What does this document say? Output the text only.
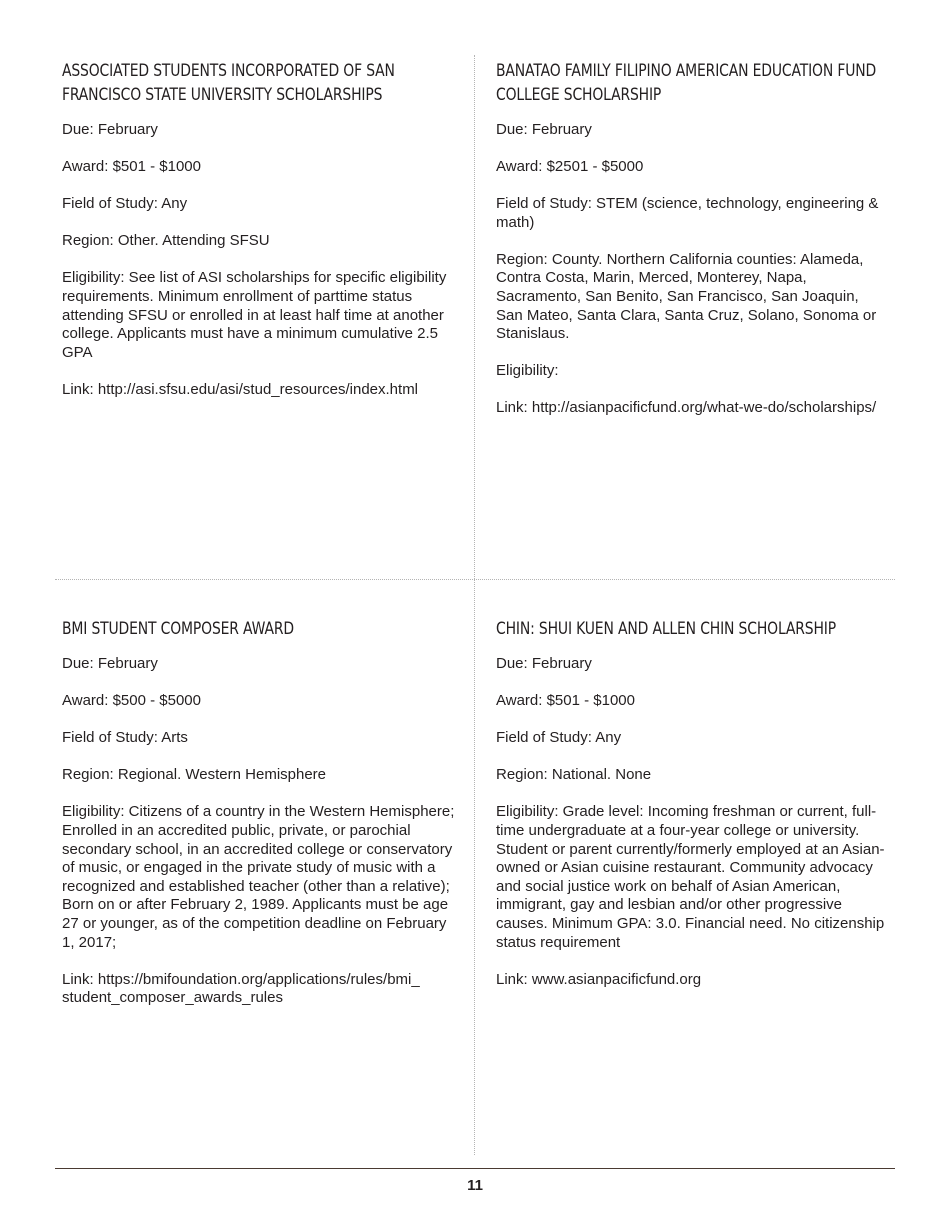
ASSOCIATED STUDENTS INCORPORATED OF SAN FRANCISCO STATE UNIVERSITY SCHOLARSHIPS

Due: February

Award: $501 - $1000

Field of Study: Any

Region: Other. Attending SFSU

Eligibility: See list of ASI scholarships for specific eligibility requirements. Minimum enrollment of parttime status attending SFSU or enrolled in at least half time at another college. Applicants must have a minimum cumulative 2.5 GPA

Link: http://asi.sfsu.edu/asi/stud_resources/index.html

BANATAO FAMILY FILIPINO AMERICAN EDUCATION FUND COLLEGE SCHOLARSHIP

Due: February

Award: $2501 - $5000

Field of Study: STEM (science, technology, engineering & math)

Region: County. Northern California counties: Alameda, Contra Costa, Marin, Merced, Monterey, Napa, Sacramento, San Benito, San Francisco, San Joaquin, San Mateo, Santa Clara, Santa Cruz, Solano, Sonoma or Stanislaus.

Eligibility:

Link: http://asianpacificfund.org/what-we-do/scholarships/

BMI STUDENT COMPOSER AWARD

Due: February

Award: $500 - $5000

Field of Study: Arts

Region: Regional. Western Hemisphere

Eligibility: Citizens of a country in the Western Hemisphere; Enrolled in an accredited public, private, or parochial secondary school, in an accredited college or conservatory of music, or engaged in the private study of music with a recognized and established teacher (other than a relative); Born on or after February 2, 1989. Applicants must be age 27 or younger, as of the competition deadline on February 1, 2017;

Link: https://bmifoundation.org/applications/rules/bmi_ student_composer_awards_rules

CHIN: SHUI KUEN AND ALLEN CHIN SCHOLARSHIP

Due: February

Award: $501 - $1000

Field of Study: Any

Region: National. None

Eligibility: Grade level: Incoming freshman or current, full-time undergraduate at a four-year college or university. Student or parent currently/formerly employed at an Asian-owned or Asian cuisine restaurant. Community advocacy and social justice work on behalf of Asian American, immigrant, gay and lesbian and/or other progressive causes. Minimum GPA: 3.0. Financial need. No citizenship status requirement

Link: www.asianpacificfund.org

11
